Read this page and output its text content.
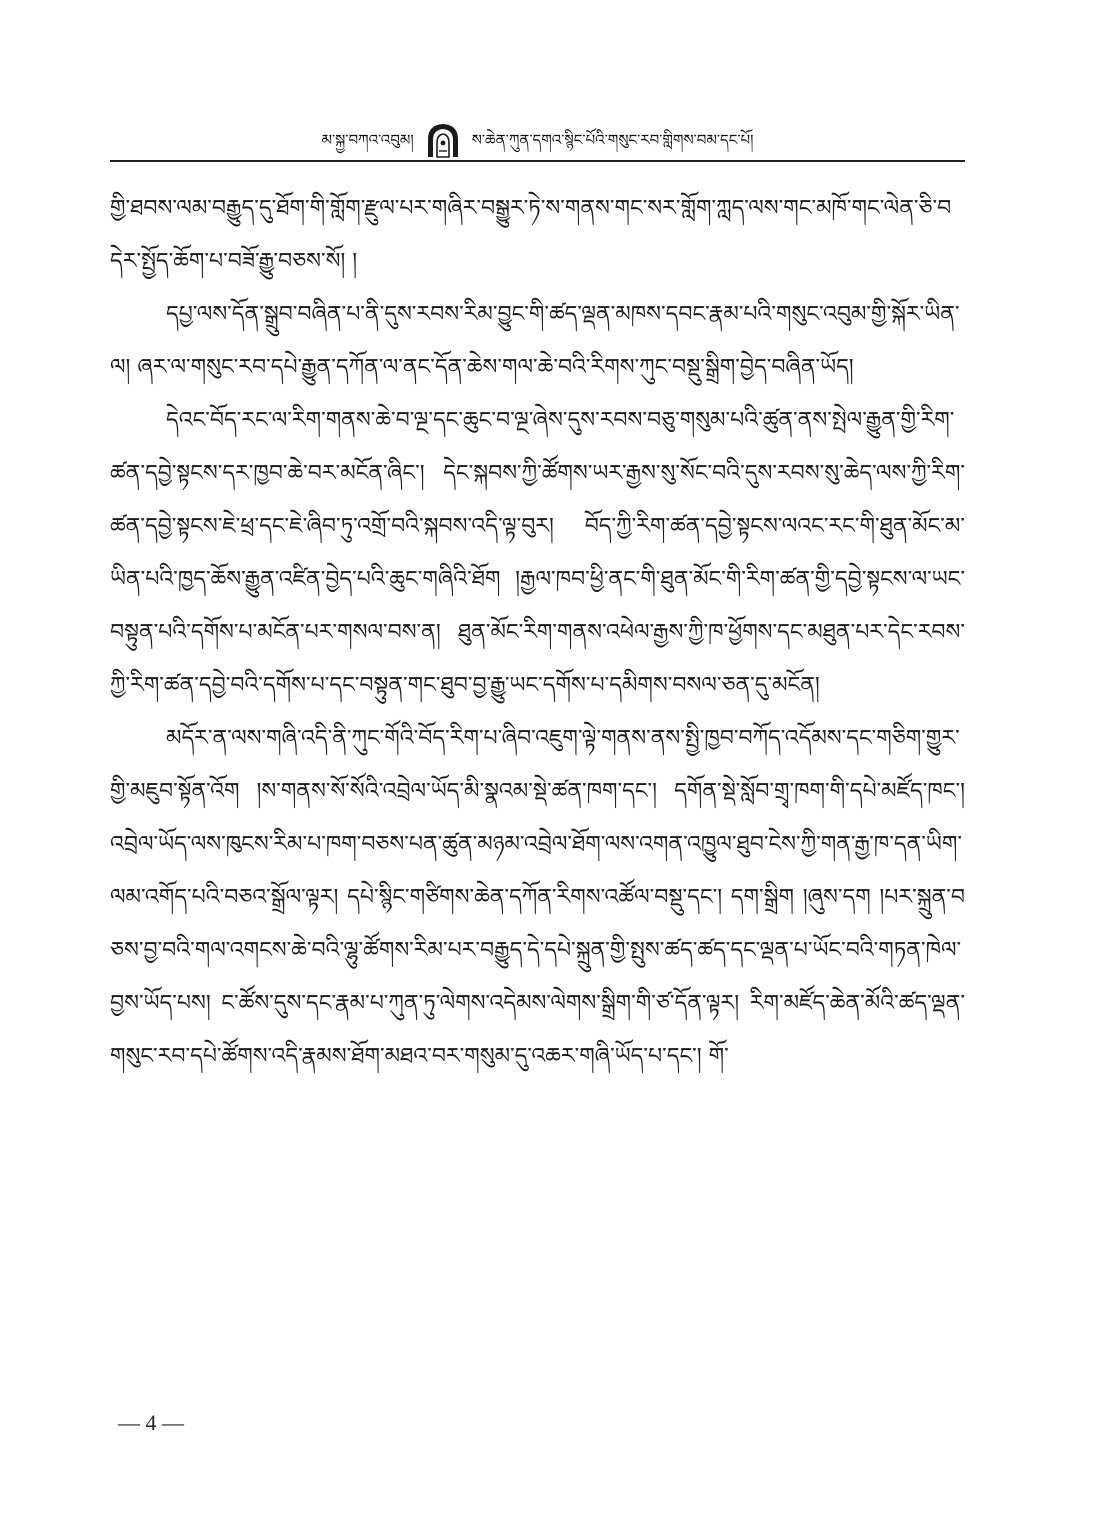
མ་སྐྱ་བཀའ་འབུམ།	ས་ཆེན་ཀུན་དགའ་སྙིང་པོའི་གསུང་རབ་གླིགས་བམ་དང་པོ།

གྱི་ཐབས་ལམ་བརྒྱུད་དུ་ཐོག་གི་གློག་རྫུལ་པར་གཞིར་བསྒྱུར་ཏེ་ས་གནས་གང་སར་གློག་ཀླད་ལས་གང་མཁོ་གང་ལེན་ཅི་བདེར་སྤྱོད་ཆོག་པ་བཟོ་རྒྱུ་བཅས་སོ། །

དཔྱ་ལས་དོན་སྒྲུབ་བཞིན་པ་ནི་དུས་རབས་རིམ་བྱུང་གི་ཚད་ལྡན་མཁས་དབང་རྣམ་པའི་གསུང་འབུམ་གྱི་སྐོར་ཡིན་ལ། ཞར་ལ་གསུང་རབ་དཔེ་རྒྱུན་དཀོན་ལ་ནང་དོན་ཆེས་གལ་ཆེ་བའི་རིགས་ཀུང་བསྡུ་སྒྲིག་བྱེད་བཞིན་ཡོད།

དེའང་བོད་རང་ལ་རིག་གནས་ཆེ་བ་ལྔ་དང་ཆུང་བ་ལྔ་ཞེས་དུས་རབས་བཅུ་གསུམ་པའི་ཚུན་ནས་སྤེལ་རྒྱུན་གྱི་རིག་ཚན་དབྱེ་སྟངས་དར་ཁྱབ་ཆེ་བར་མངོན་ཞིང་། དེང་སྐབས་ཀྱི་ཚོགས་ཡར་རྒྱས་སུ་སོང་བའི་དུས་རབས་སུ་ཆེད་ལས་ཀྱི་རིག་ཚན་དབྱེ་སྟངས་ཇེ་ཕྲ་དང་ཇེ་ཞིབ་ཏུ་འགྲོ་བའི་སྐབས་འདི་ལྟ་བུར། བོད་ཀྱི་རིག་ཚན་དབྱེ་སྟངས་ལའང་རང་གི་ཐུན་མོང་མ་ཡིན་པའི་ཁྱད་ཆོས་རྒྱུན་འཛིན་བྱེད་པའི་ཆུང་གཞིའི་ཐོག །རྒྱལ་ཁབ་ཕྱི་ནང་གི་ཐུན་མོང་གི་རིག་ཚན་གྱི་དབྱེ་སྟངས་ལ་ཡང་བསྟུན་པའི་དགོས་པ་མངོན་པར་གསལ་བས་ན། ཐུན་མོང་རིག་གནས་འཕེལ་རྒྱས་ཀྱི་ཁ་ཕྱོགས་དང་མཐུན་པར་དེང་རབས་ཀྱི་རིག་ཚན་དབྱེ་བའི་དགོས་པ་དང་བསྟུན་གང་ཐུབ་བྱ་རྒྱུ་ཡང་དགོས་པ་དམིགས་བསལ་ཅན་དུ་མངོན།

མདོར་ན་ལས་གཞི་འདི་ནི་ཀུང་གོའི་བོད་རིག་པ་ཞིབ་འཇུག་ལྟེ་གནས་ནས་སྤྱི་ཁྱབ་བཀོད་འདོམས་དང་གཅིག་གྱུར་གྱི་མཇུབ་སྟོན་འོག །ས་གནས་སོ་སོའི་འབྲེལ་ཡོད་མི་སྣའམ་སྡེ་ཚན་ཁག་དང་། དགོན་སྡེ་སློབ་གྲྭ་ཁག་གི་དཔེ་མཛོད་ཁང་། འབྲེལ་ཡོད་ལས་ཁུངས་རིམ་པ་ཁག་བཅས་པན་ཚུན་མཉམ་འབྲེལ་ཐོག་ལས་འགན་འཁྱུལ་ཐུབ་ངེས་ཀྱི་གན་རྒྱ་ཁ་དན་ཡིག་ལམ་འགོད་པའི་བཅའ་སྒྲོལ་ལྟར། དཔེ་སྙིང་གཙིགས་ཆེན་དཀོན་རིགས་འཚོལ་བསྡུ་དང་། དག་སྒྲིག །ཞུས་དག །པར་སྐྲུན་བཅས་བྱ་བའི་གལ་འགངས་ཆེ་བའི་ལྷུ་ཚོགས་རིམ་པར་བརྒྱུད་དེ་དཔེ་སྐྲུན་གྱི་སྤུས་ཚད་ཚད་དང་ལྡན་པ་ཡོང་བའི་གཏན་ཁེལ་བྱས་ཡོད་པས། ང་ཚོས་དུས་དང་རྣམ་པ་ཀུན་ཏུ་ལེགས་འདེམས་ལེགས་སྒྲིག་གི་ཙ་དོན་ལྟར། རིག་མཛོད་ཆེན་མོའི་ཚད་ལྡན་གསུང་རབ་དཔེ་ཚོགས་འདི་རྣམས་ཐོག་མཐའ་བར་གསུམ་དུ་འཆར་གཞི་ཡོད་པ་དང་། གོ་

— 4 —
